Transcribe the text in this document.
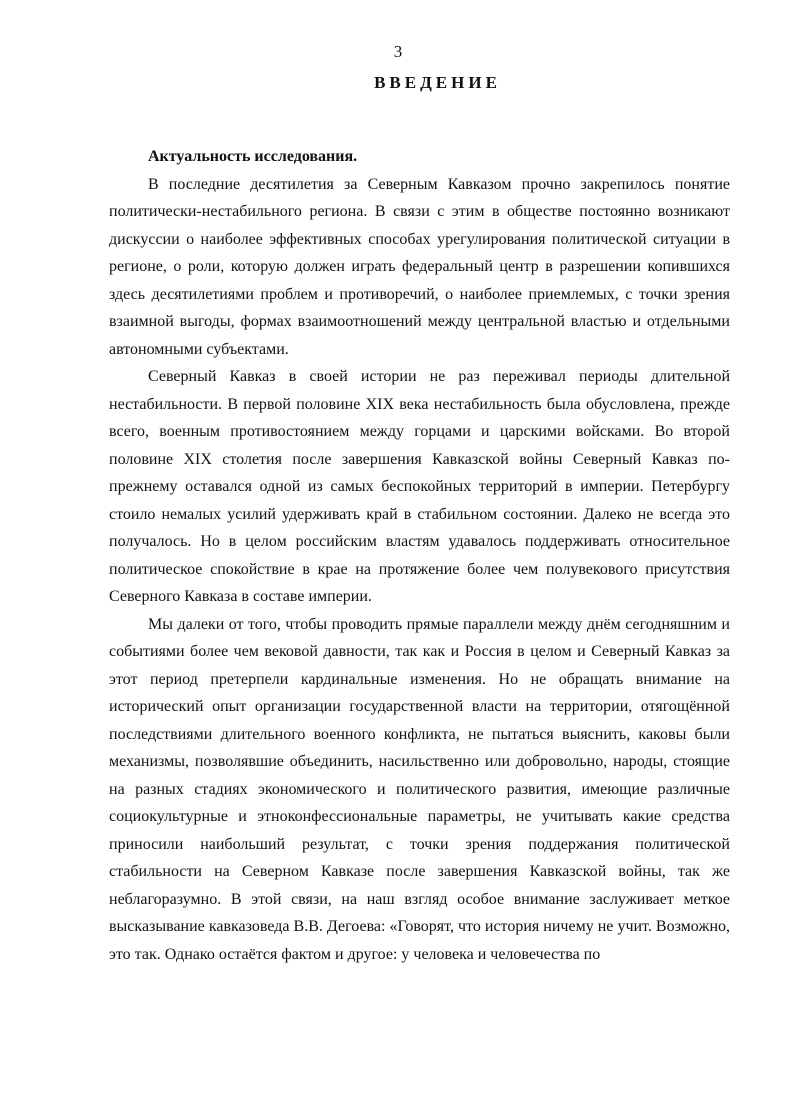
3
ВВЕДЕНИЕ

Актуальность исследования.

В последние десятилетия за Северным Кавказом прочно закрепилось понятие политически-нестабильного региона. В связи с этим в обществе постоянно возникают дискуссии о наиболее эффективных способах урегулирования политической ситуации в регионе, о роли, которую должен играть федеральный центр в разрешении копившихся здесь десятилетиями проблем и противоречий, о наиболее приемлемых, с точки зрения взаимной выгоды, формах взаимоотношений между центральной властью и отдельными автономными субъектами.

Северный Кавказ в своей истории не раз переживал периоды длительной нестабильности. В первой половине XIX века нестабильность была обусловлена, прежде всего, военным противостоянием между горцами и царскими войсками. Во второй половине XIX столетия после завершения Кавказской войны Северный Кавказ по-прежнему оставался одной из самых беспокойных территорий в империи. Петербургу стоило немалых усилий удерживать край в стабильном состоянии. Далеко не всегда это получалось. Но в целом российским властям удавалось поддерживать относительное политическое спокойствие в крае на протяжение более чем полувекового присутствия Северного Кавказа в составе империи.

Мы далеки от того, чтобы проводить прямые параллели между днём сегодняшним и событиями более чем вековой давности, так как и Россия в целом и Северный Кавказ за этот период претерпели кардинальные изменения. Но не обращать внимание на исторический опыт организации государственной власти на территории, отягощённой последствиями длительного военного конфликта, не пытаться выяснить, каковы были механизмы, позволявшие объединить, насильственно или добровольно, народы, стоящие на разных стадиях экономического и политического развития, имеющие различные социокультурные и этноконфессиональные параметры, не учитывать какие средства приносили наибольший результат, с точки зрения поддержания политической стабильности на Северном Кавказе после завершения Кавказской войны, так же неблагоразумно. В этой связи, на наш взгляд особое внимание заслуживает меткое высказывание кавказоведа В.В. Дегоева: «Говорят, что история ничему не учит. Возможно, это так. Однако остаётся фактом и другое: у человека и человечества по
